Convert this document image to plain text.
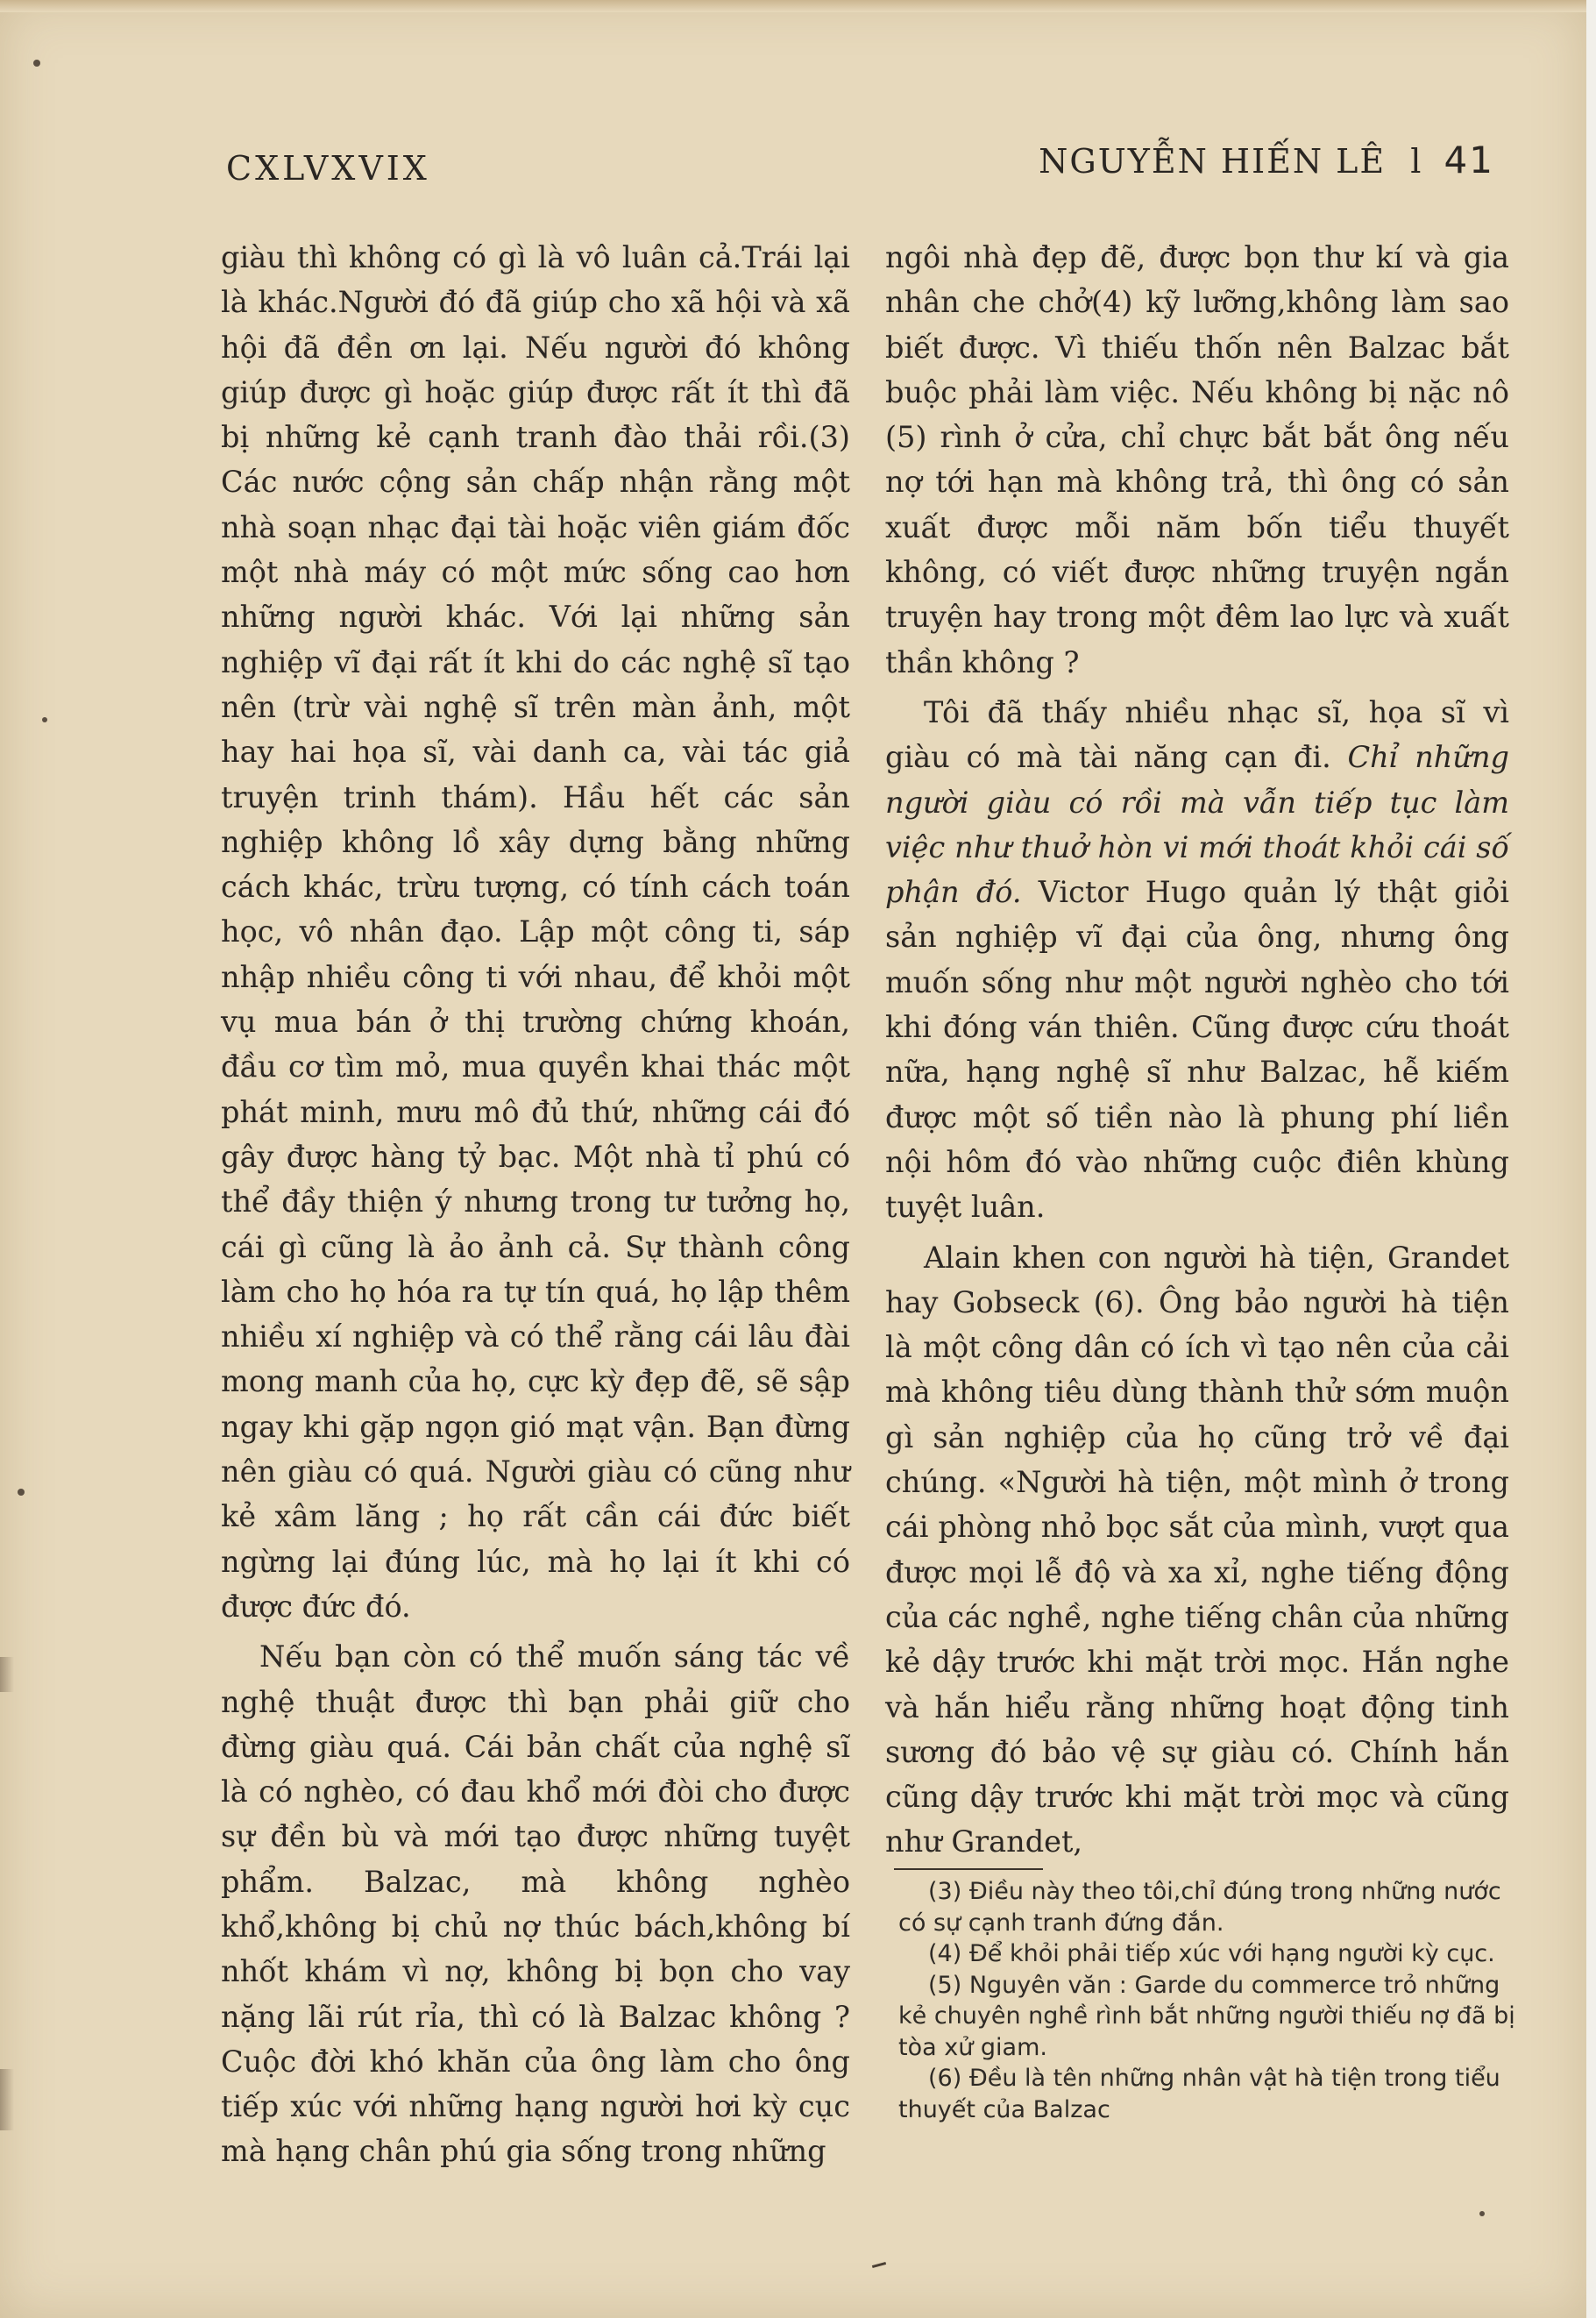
CXLVXVIX	NGUYỄN HIẾN LÊ l 41

giàu thì không có gì là vô luân cả.Trái lại là khác.Người đó đã giúp cho xã hội và xã hội đã đền ơn lại. Nếu người đó không giúp được gì hoặc giúp được rất ít thì đã bị những kẻ cạnh tranh đào thải rồi.(3) Các nước cộng sản chấp nhận rằng một nhà soạn nhạc đại tài hoặc viên giám đốc một nhà máy có một mức sống cao hơn những người khác. Với lại những sản nghiệp vĩ đại rất ít khi do các nghệ sĩ tạo nên (trừ vài nghệ sĩ trên màn ảnh, một hay hai họa sĩ, vài danh ca, vài tác giả truyện trinh thám). Hầu hết các sản nghiệp không lồ xây dựng bằng những cách khác, trừu tượng, có tính cách toán học, vô nhân đạo. Lập một công ti, sáp nhập nhiều công ti với nhau, để khỏi một vụ mua bán ở thị trường chứng khoán, đầu cơ tìm mỏ, mua quyền khai thác một phát minh, mưu mô đủ thứ, những cái đó gây được hàng tỷ bạc. Một nhà tỉ phú có thể đầy thiện ý nhưng trong tư tưởng họ, cái gì cũng là ảo ảnh cả. Sự thành công làm cho họ hóa ra tự tín quá, họ lập thêm nhiều xí nghiệp và có thể rằng cái lâu đài mong manh của họ, cực kỳ đẹp đẽ, sẽ sập ngay khi gặp ngọn gió mạt vận. Bạn đừng nên giàu có quá. Người giàu có cũng như kẻ xâm lăng ; họ rất cần cái đức biết ngừng lại đúng lúc, mà họ lại ít khi có được đức đó.

Nếu bạn còn có thể muốn sáng tác về nghệ thuật được thì bạn phải giữ cho đừng giàu quá. Cái bản chất của nghệ sĩ là có nghèo, có đau khổ mới đòi cho được sự đền bù và mới tạo được những tuyệt phẩm. Balzac, mà không nghèo khổ,không bị chủ nợ thúc bách,không bí nhốt khám vì nợ, không bị bọn cho vay nặng lãi rút rỉa, thì có là Balzac không ? Cuộc đời khó khăn của ông làm cho ông tiếp xúc với những hạng người hơi kỳ cục mà hạng chân phú gia sống trong những

ngôi nhà đẹp đẽ, được bọn thư kí và gia nhân che chở(4) kỹ lưỡng,không làm sao biết được. Vì thiếu thốn nên Balzac bắt buộc phải làm việc. Nếu không bị nặc nô (5) rình ở cửa, chỉ chực bắt bắt ông nếu nợ tới hạn mà không trả, thì ông có sản xuất được mỗi năm bốn tiểu thuyết không, có viết được những truyện ngắn truyện hay trong một đêm lao lực và xuất thần không ?

Tôi đã thấy nhiều nhạc sĩ, họa sĩ vì giàu có mà tài năng cạn đi. Chỉ những người giàu có rồi mà vẫn tiếp tục làm việc như thuở hòn vi mới thoát khỏi cái số phận đó. Victor Hugo quản lý thật giỏi sản nghiệp vĩ đại của ông, nhưng ông muốn sống như một người nghèo cho tới khi đóng ván thiên. Cũng được cứu thoát nữa, hạng nghệ sĩ như Balzac, hễ kiếm được một số tiền nào là phung phí liền nội hôm đó vào những cuộc điên khùng tuyệt luân.

Alain khen con người hà tiện, Grandet hay Gobseck (6). Ông bảo người hà tiện là một công dân có ích vì tạo nên của cải mà không tiêu dùng thành thử sớm muộn gì sản nghiệp của họ cũng trở về đại chúng. «Người hà tiện, một mình ở trong cái phòng nhỏ bọc sắt của mình, vượt qua được mọi lễ độ và xa xỉ, nghe tiếng động của các nghề, nghe tiếng chân của những kẻ dậy trước khi mặt trời mọc. Hắn nghe và hắn hiểu rằng những hoạt động tinh sương đó bảo vệ sự giàu có. Chính hắn cũng dậy trước khi mặt trời mọc và cũng như Grandet,

(3) Điều này theo tôi,chỉ đúng trong những nước có sự cạnh tranh đứng đắn.

(4) Để khỏi phải tiếp xúc với hạng người kỳ cục.

(5) Nguyên văn : Garde du commerce trỏ những kẻ chuyên nghề rình bắt những người thiếu nợ đã bị tòa xử giam.

(6) Đều là tên những nhân vật hà tiện trong tiểu thuyết của Balzac
